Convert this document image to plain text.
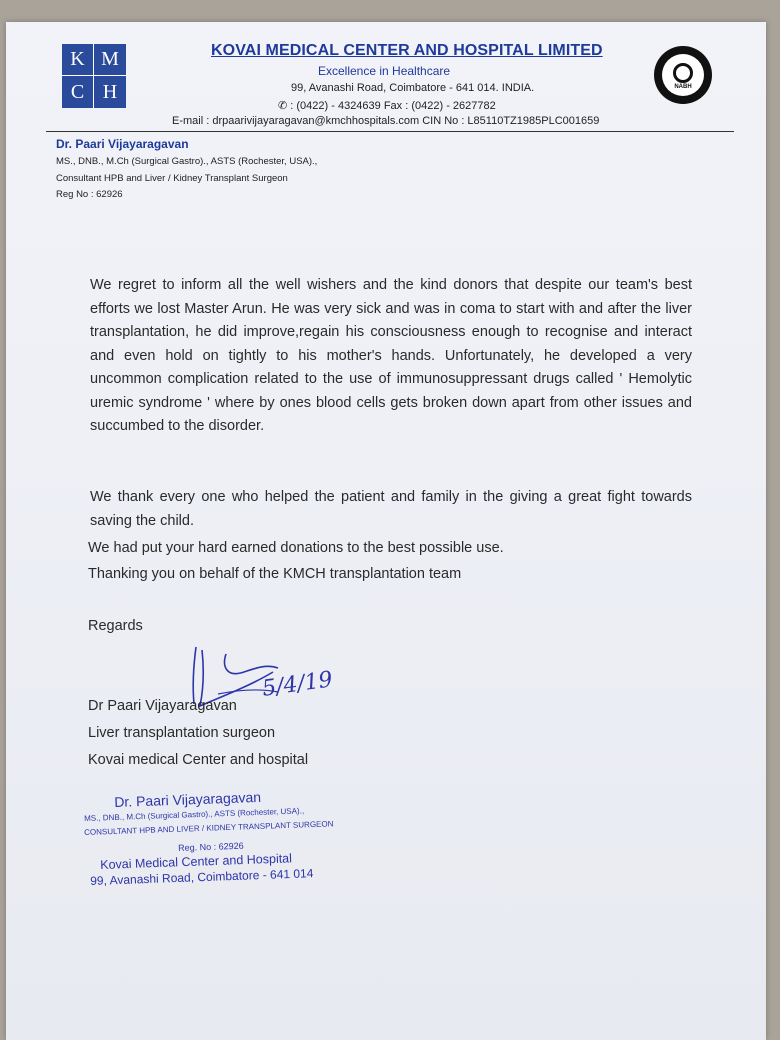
K M
C H
KOVAI MEDICAL CENTER AND HOSPITAL LIMITED
Excellence in Healthcare
99, Avanashi Road, Coimbatore - 641 014. INDIA.
✆ : (0422) - 4324639 Fax : (0422) - 2627782
E-mail : drpaarivijayaragavan@kmchhospitals.com CIN No : L85110TZ1985PLC001659
NABH
Dr. Paari Vijayaragavan
MS., DNB., M.Ch (Surgical Gastro)., ASTS (Rochester, USA).,
Consultant HPB and Liver / Kidney Transplant Surgeon
Reg No : 62926

We regret to inform all the well wishers and the kind donors that despite our team's best efforts we lost Master Arun. He was very sick and was in coma to start with and after the liver transplantation, he did improve,regain his consciousness enough to recognise and interact and even hold on tightly to his mother's hands. Unfortunately, he developed a very uncommon complication related to the use of immunosuppressant drugs called ' Hemolytic uremic syndrome ' where by ones blood cells gets broken down apart from other issues and succumbed to the disorder.

We thank every one who helped the patient and family in the giving a great fight towards saving the child.

We had put your hard earned donations to the best possible use.

Thanking you on behalf of the KMCH transplantation team

Regards

5/4/19

Dr Paari Vijayaragavan

Liver transplantation surgeon

Kovai medical Center and hospital

Dr. Paari Vijayaragavan
MS., DNB., M.Ch (Surgical Gastro)., ASTS (Rochester, USA).,
CONSULTANT HPB AND LIVER / KIDNEY TRANSPLANT SURGEON
Reg. No : 62926
Kovai Medical Center and Hospital
99, Avanashi Road, Coimbatore - 641 014
